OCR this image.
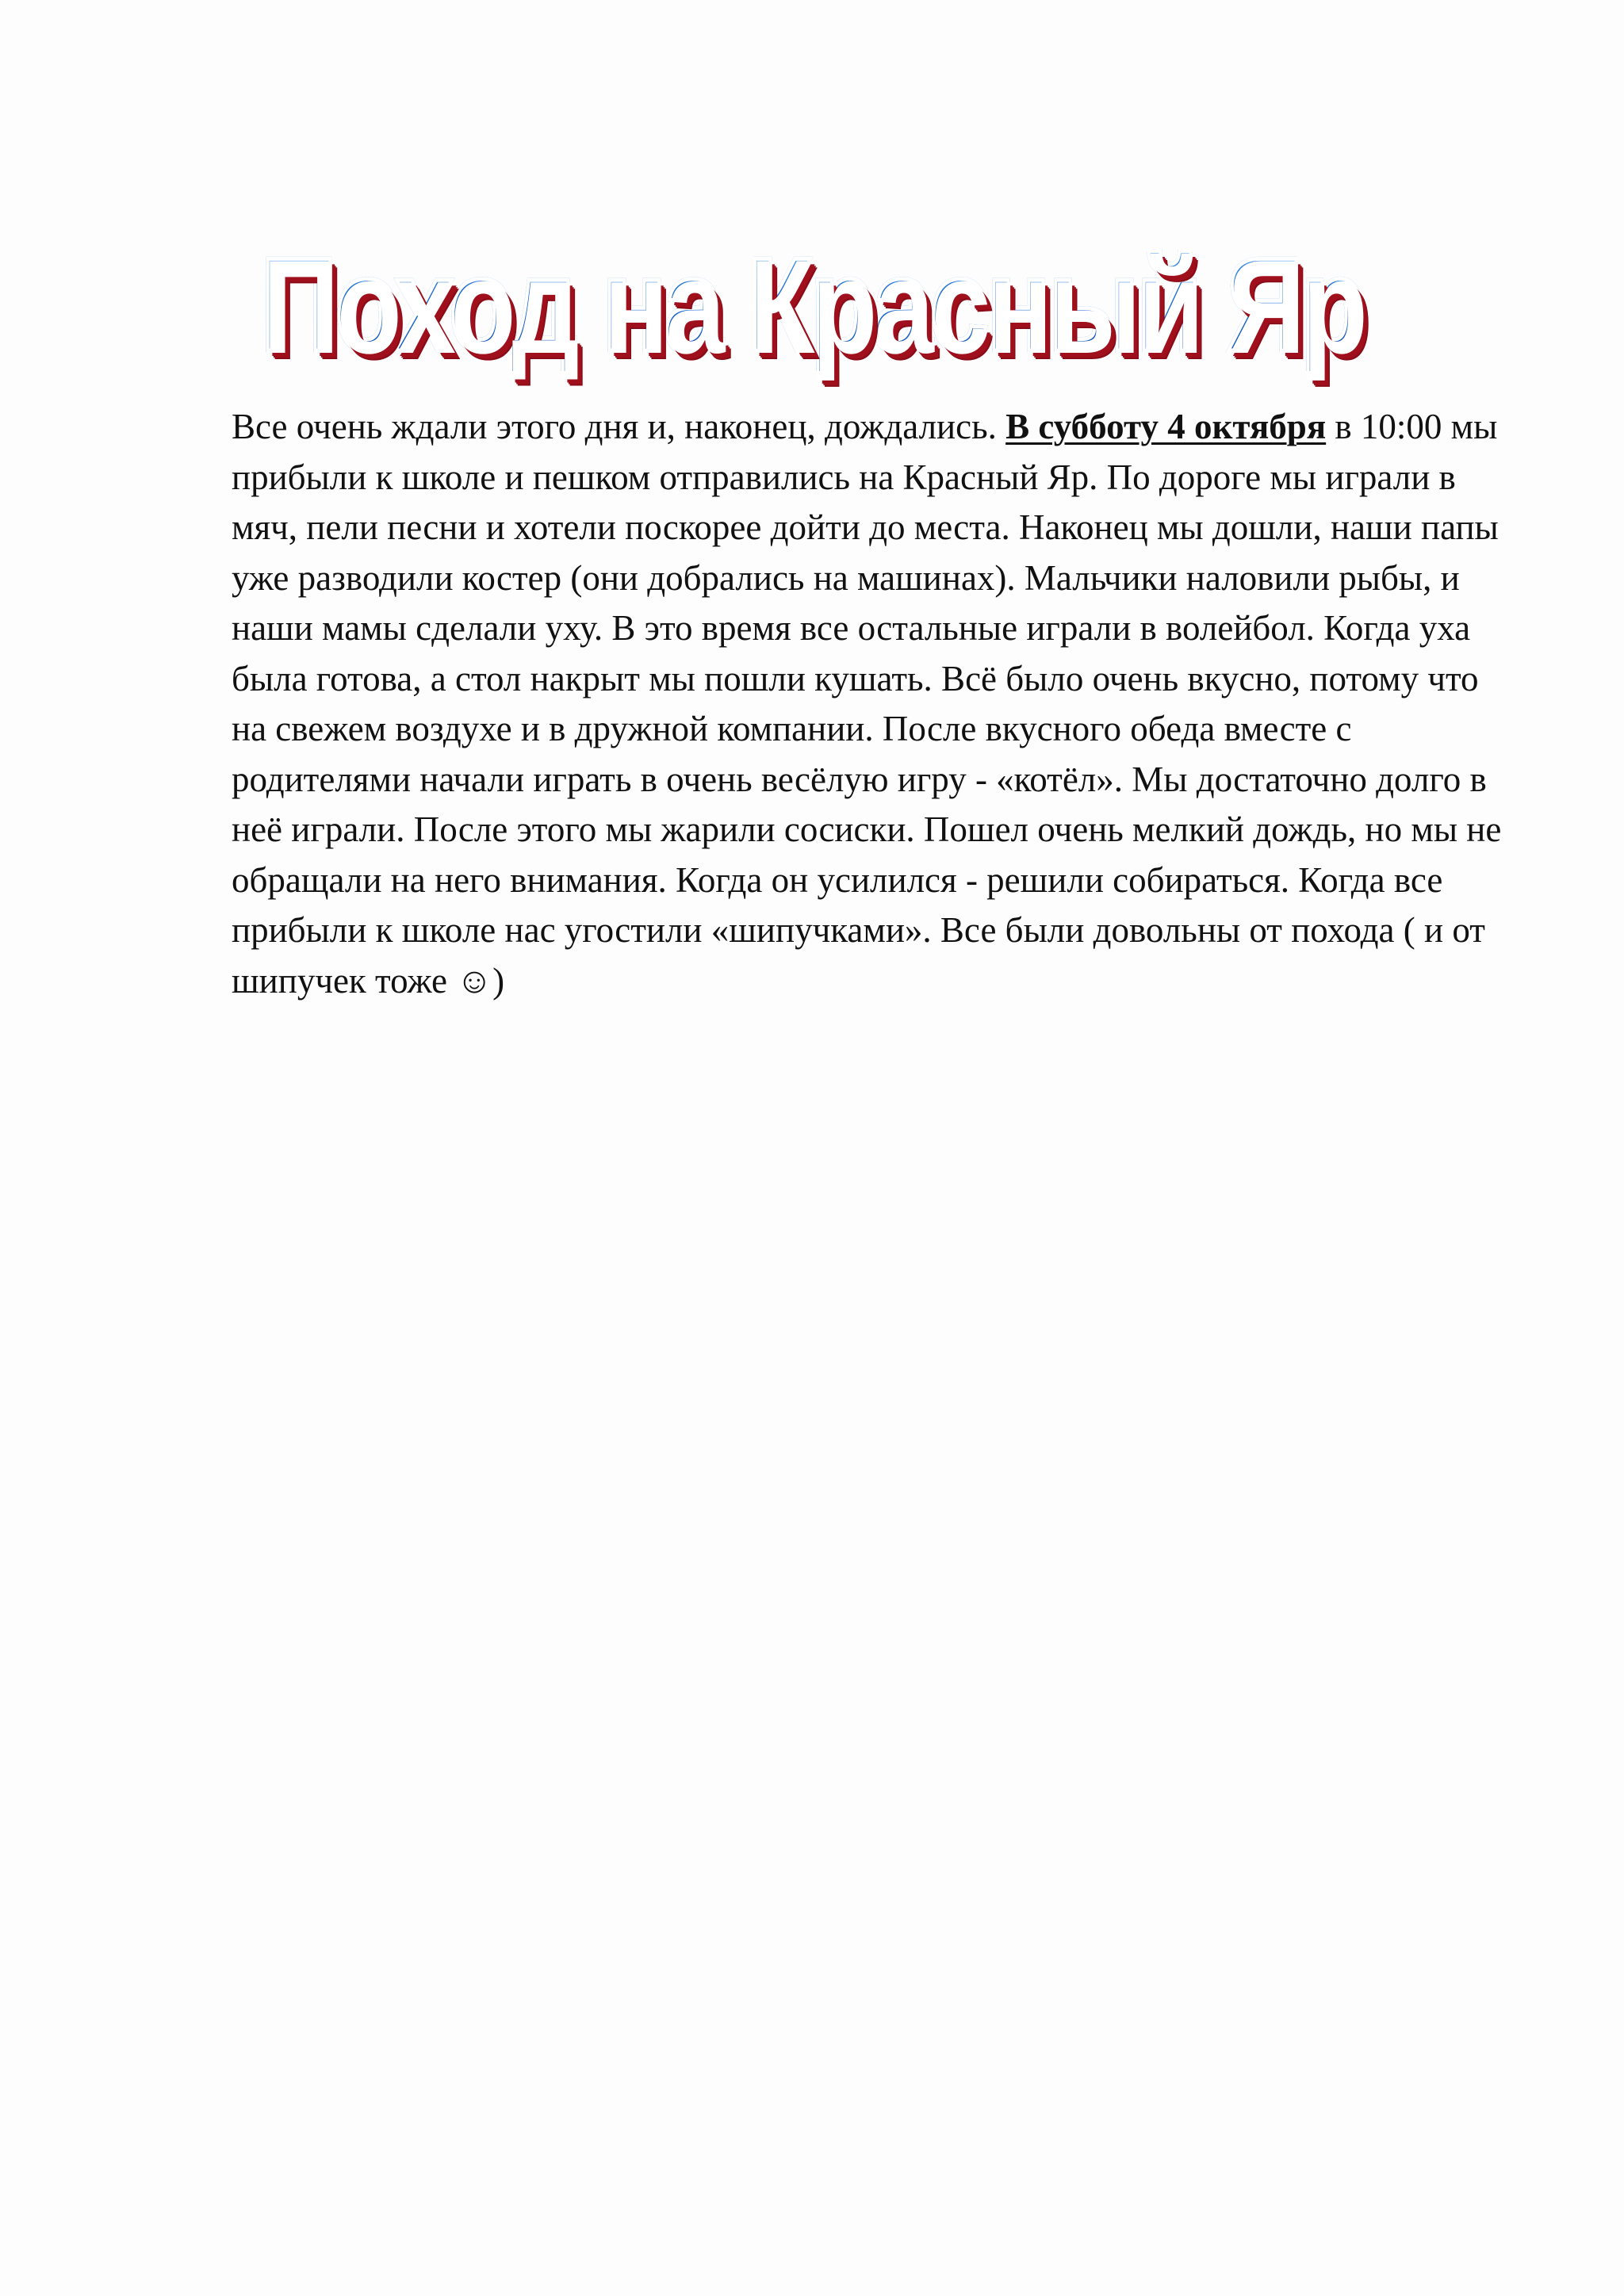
Поход на Красный Яр

Все очень ждали этого дня и, наконец, дождались. В субботу 4 октября в 10:00 мы прибыли к школе и пешком отправились на Красный Яр. По дороге мы играли в мяч, пели песни и хотели поскорее дойти до места. Наконец мы дошли, наши папы уже разводили костер (они добрались на машинах). Мальчики наловили рыбы, и наши мамы сделали уху. В это время все остальные играли в волейбол. Когда уха была готова, а стол накрыт мы пошли кушать. Всё было очень вкусно, потому что на свежем воздухе и в дружной компании. После вкусного обеда вместе с родителями начали играть в очень весёлую игру - «котёл». Мы достаточно долго в неё играли. После этого мы жарили сосиски. Пошел очень мелкий дождь, но мы не обращали на него внимания. Когда он усилился - решили собираться. Когда все прибыли к школе нас угостили «шипучками». Все были довольны от похода ( и от шипучек тоже ☺)
